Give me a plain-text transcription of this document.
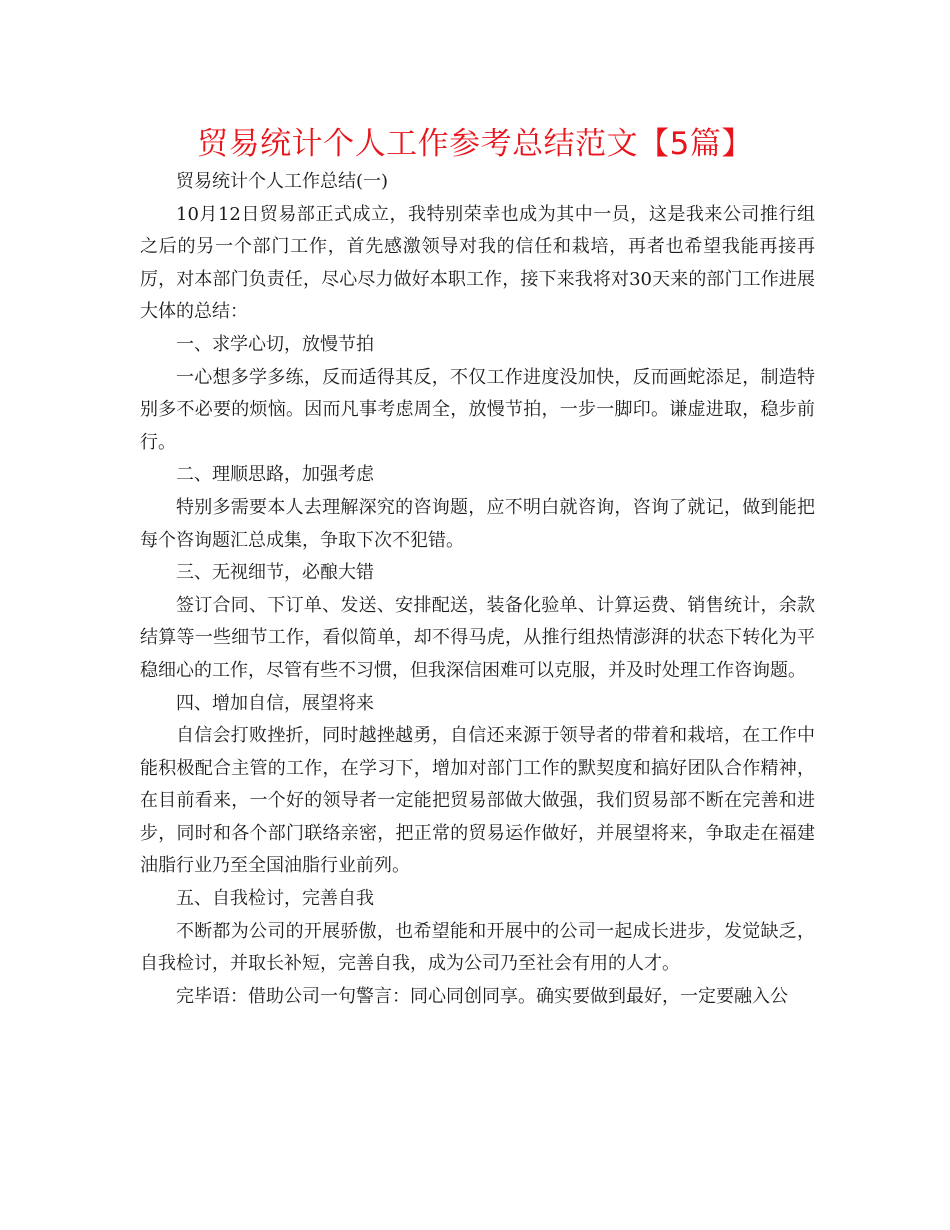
贸易统计个人工作参考总结范文【5篇】

贸易统计个人工作总结(一)

10月12日贸易部正式成立，我特别荣幸也成为其中一员，这是我来公司推行组之后的另一个部门工作，首先感激领导对我的信任和栽培，再者也希望我能再接再厉，对本部门负责任，尽心尽力做好本职工作，接下来我将对30天来的部门工作进展大体的总结：

一、求学心切，放慢节拍

一心想多学多练，反而适得其反，不仅工作进度没加快，反而画蛇添足，制造特别多不必要的烦恼。因而凡事考虑周全，放慢节拍，一步一脚印。谦虚进取，稳步前行。

二、理顺思路，加强考虑

特别多需要本人去理解深究的咨询题，应不明白就咨询，咨询了就记，做到能把每个咨询题汇总成集，争取下次不犯错。

三、无视细节，必酿大错

签订合同、下订单、发送、安排配送，装备化验单、计算运费、销售统计，余款结算等一些细节工作，看似简单，却不得马虎，从推行组热情澎湃的状态下转化为平稳细心的工作，尽管有些不习惯，但我深信困难可以克服，并及时处理工作咨询题。

四、增加自信，展望将来

自信会打败挫折，同时越挫越勇，自信还来源于领导者的带着和栽培，在工作中能积极配合主管的工作，在学习下，增加对部门工作的默契度和搞好团队合作精神，在目前看来，一个好的领导者一定能把贸易部做大做强，我们贸易部不断在完善和进步，同时和各个部门联络亲密，把正常的贸易运作做好，并展望将来，争取走在福建油脂行业乃至全国油脂行业前列。

五、自我检讨，完善自我

不断都为公司的开展骄傲，也希望能和开展中的公司一起成长进步，发觉缺乏，自我检讨，并取长补短，完善自我，成为公司乃至社会有用的人才。

完毕语：借助公司一句警言：同心同创同享。确实要做到最好，一定要融入公
